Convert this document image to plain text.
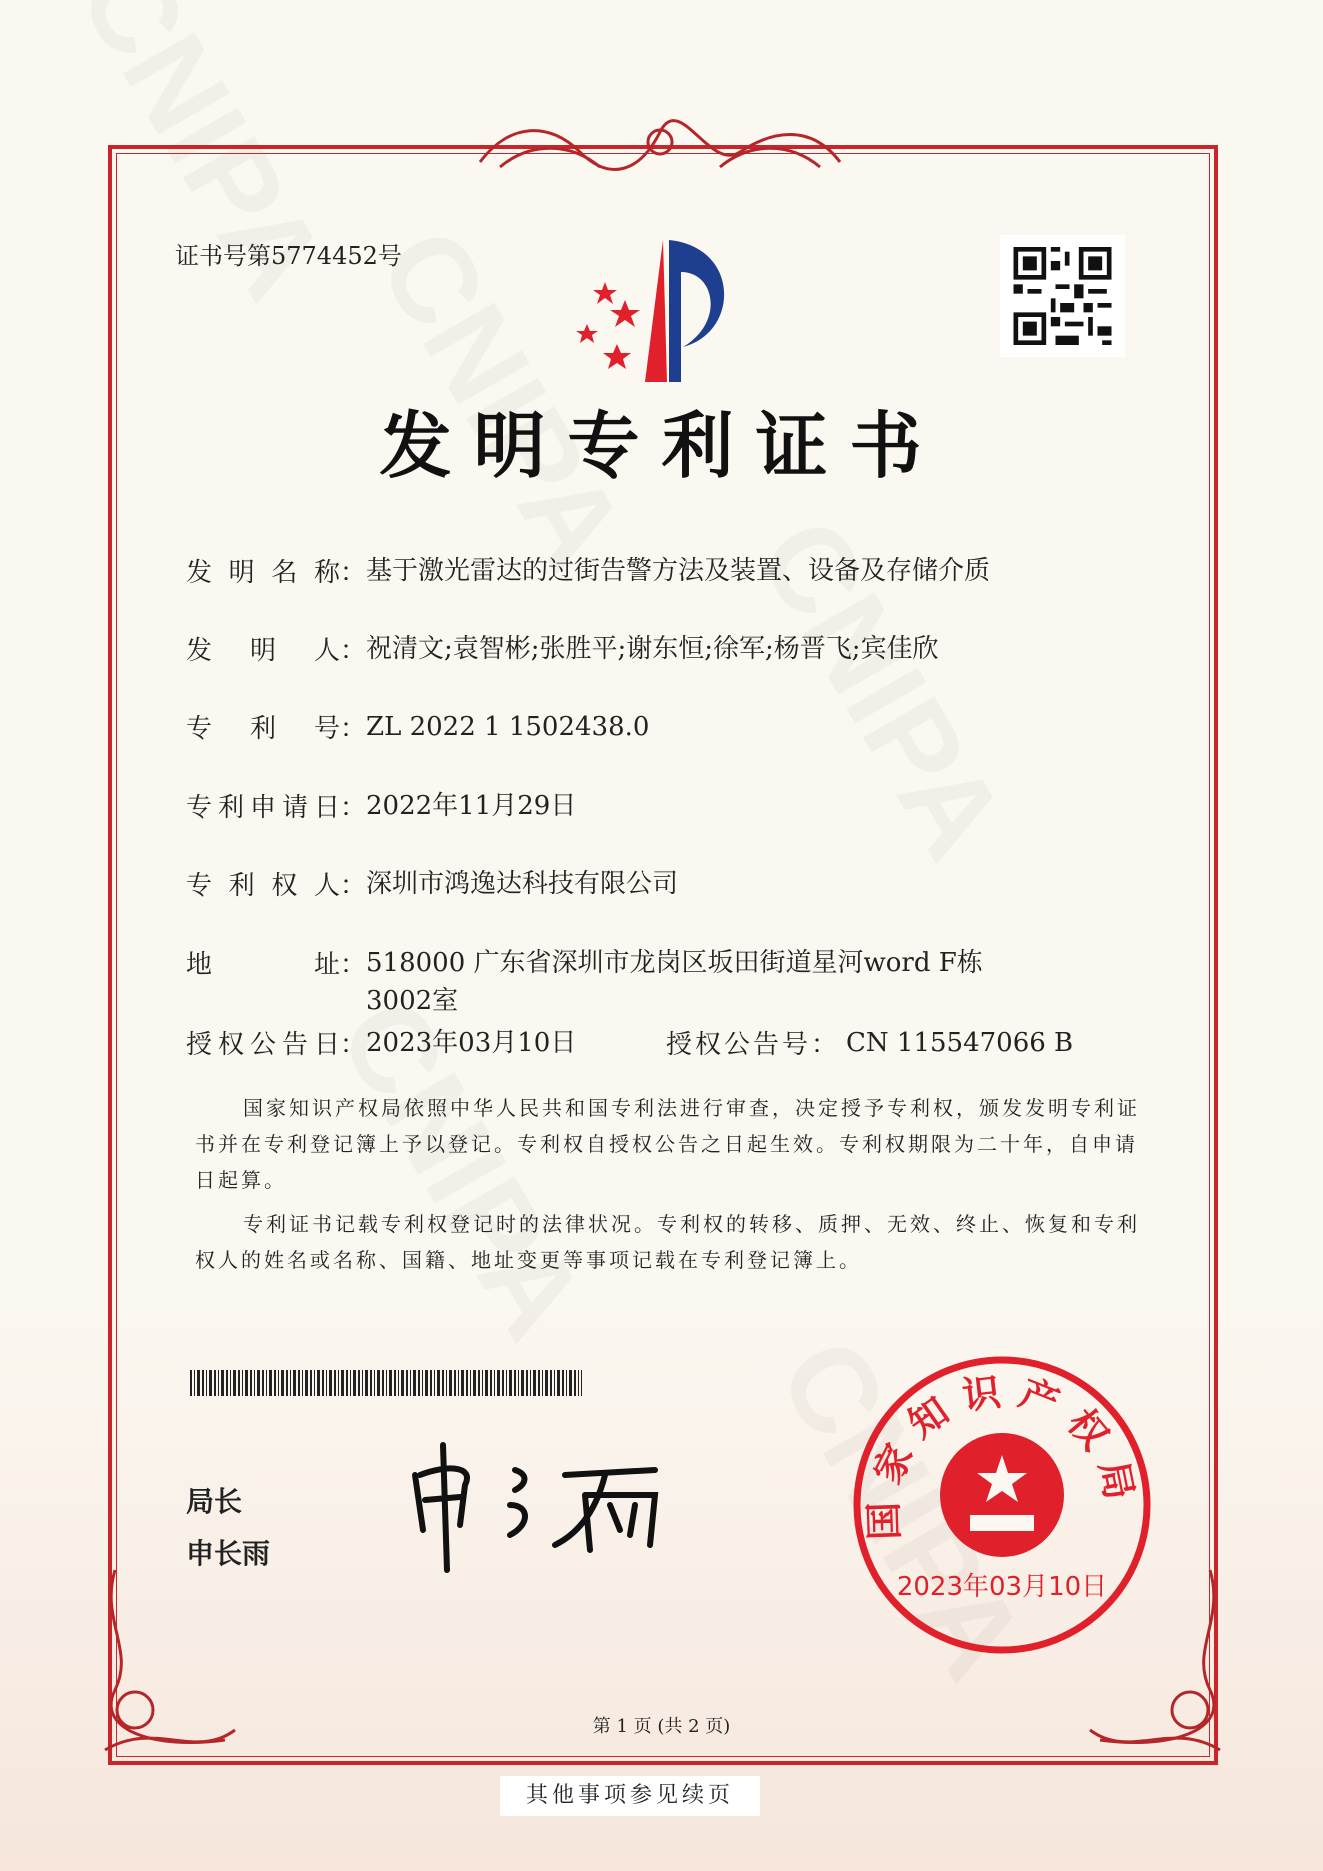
证书号第5774452号
发明专利证书
发 明 名 称： 基于激光雷达的过街告警方法及装置、设备及存储介质
发 明 人： 祝清文;袁智彬;张胜平;谢东恒;徐军;杨晋飞;宾佳欣
专 利 号： ZL 2022 1 1502438.0
专 利 申 请 日： 2022年11月29日
专 利 权 人： 深圳市鸿逸达科技有限公司
地	址： 518000 广东省深圳市龙岗区坂田街道星河word F栋3002室
授 权 公 告 日： 2023年03月10日	授权公告号： CN 115547066 B
国家知识产权局依照中华人民共和国专利法进行审查，决定授予专利权，颁发发明专利证书并在专利登记簿上予以登记。专利权自授权公告之日起生效。专利权期限为二十年，自申请日起算。
专利证书记载专利权登记时的法律状况。专利权的转移、质押、无效、终止、恢复和专利权人的姓名或名称、国籍、地址变更等事项记载在专利登记簿上。
局长
申长雨
国家知识产权局
2023年03月10日
第 1 页 (共 2 页)
其他事项参见续页
